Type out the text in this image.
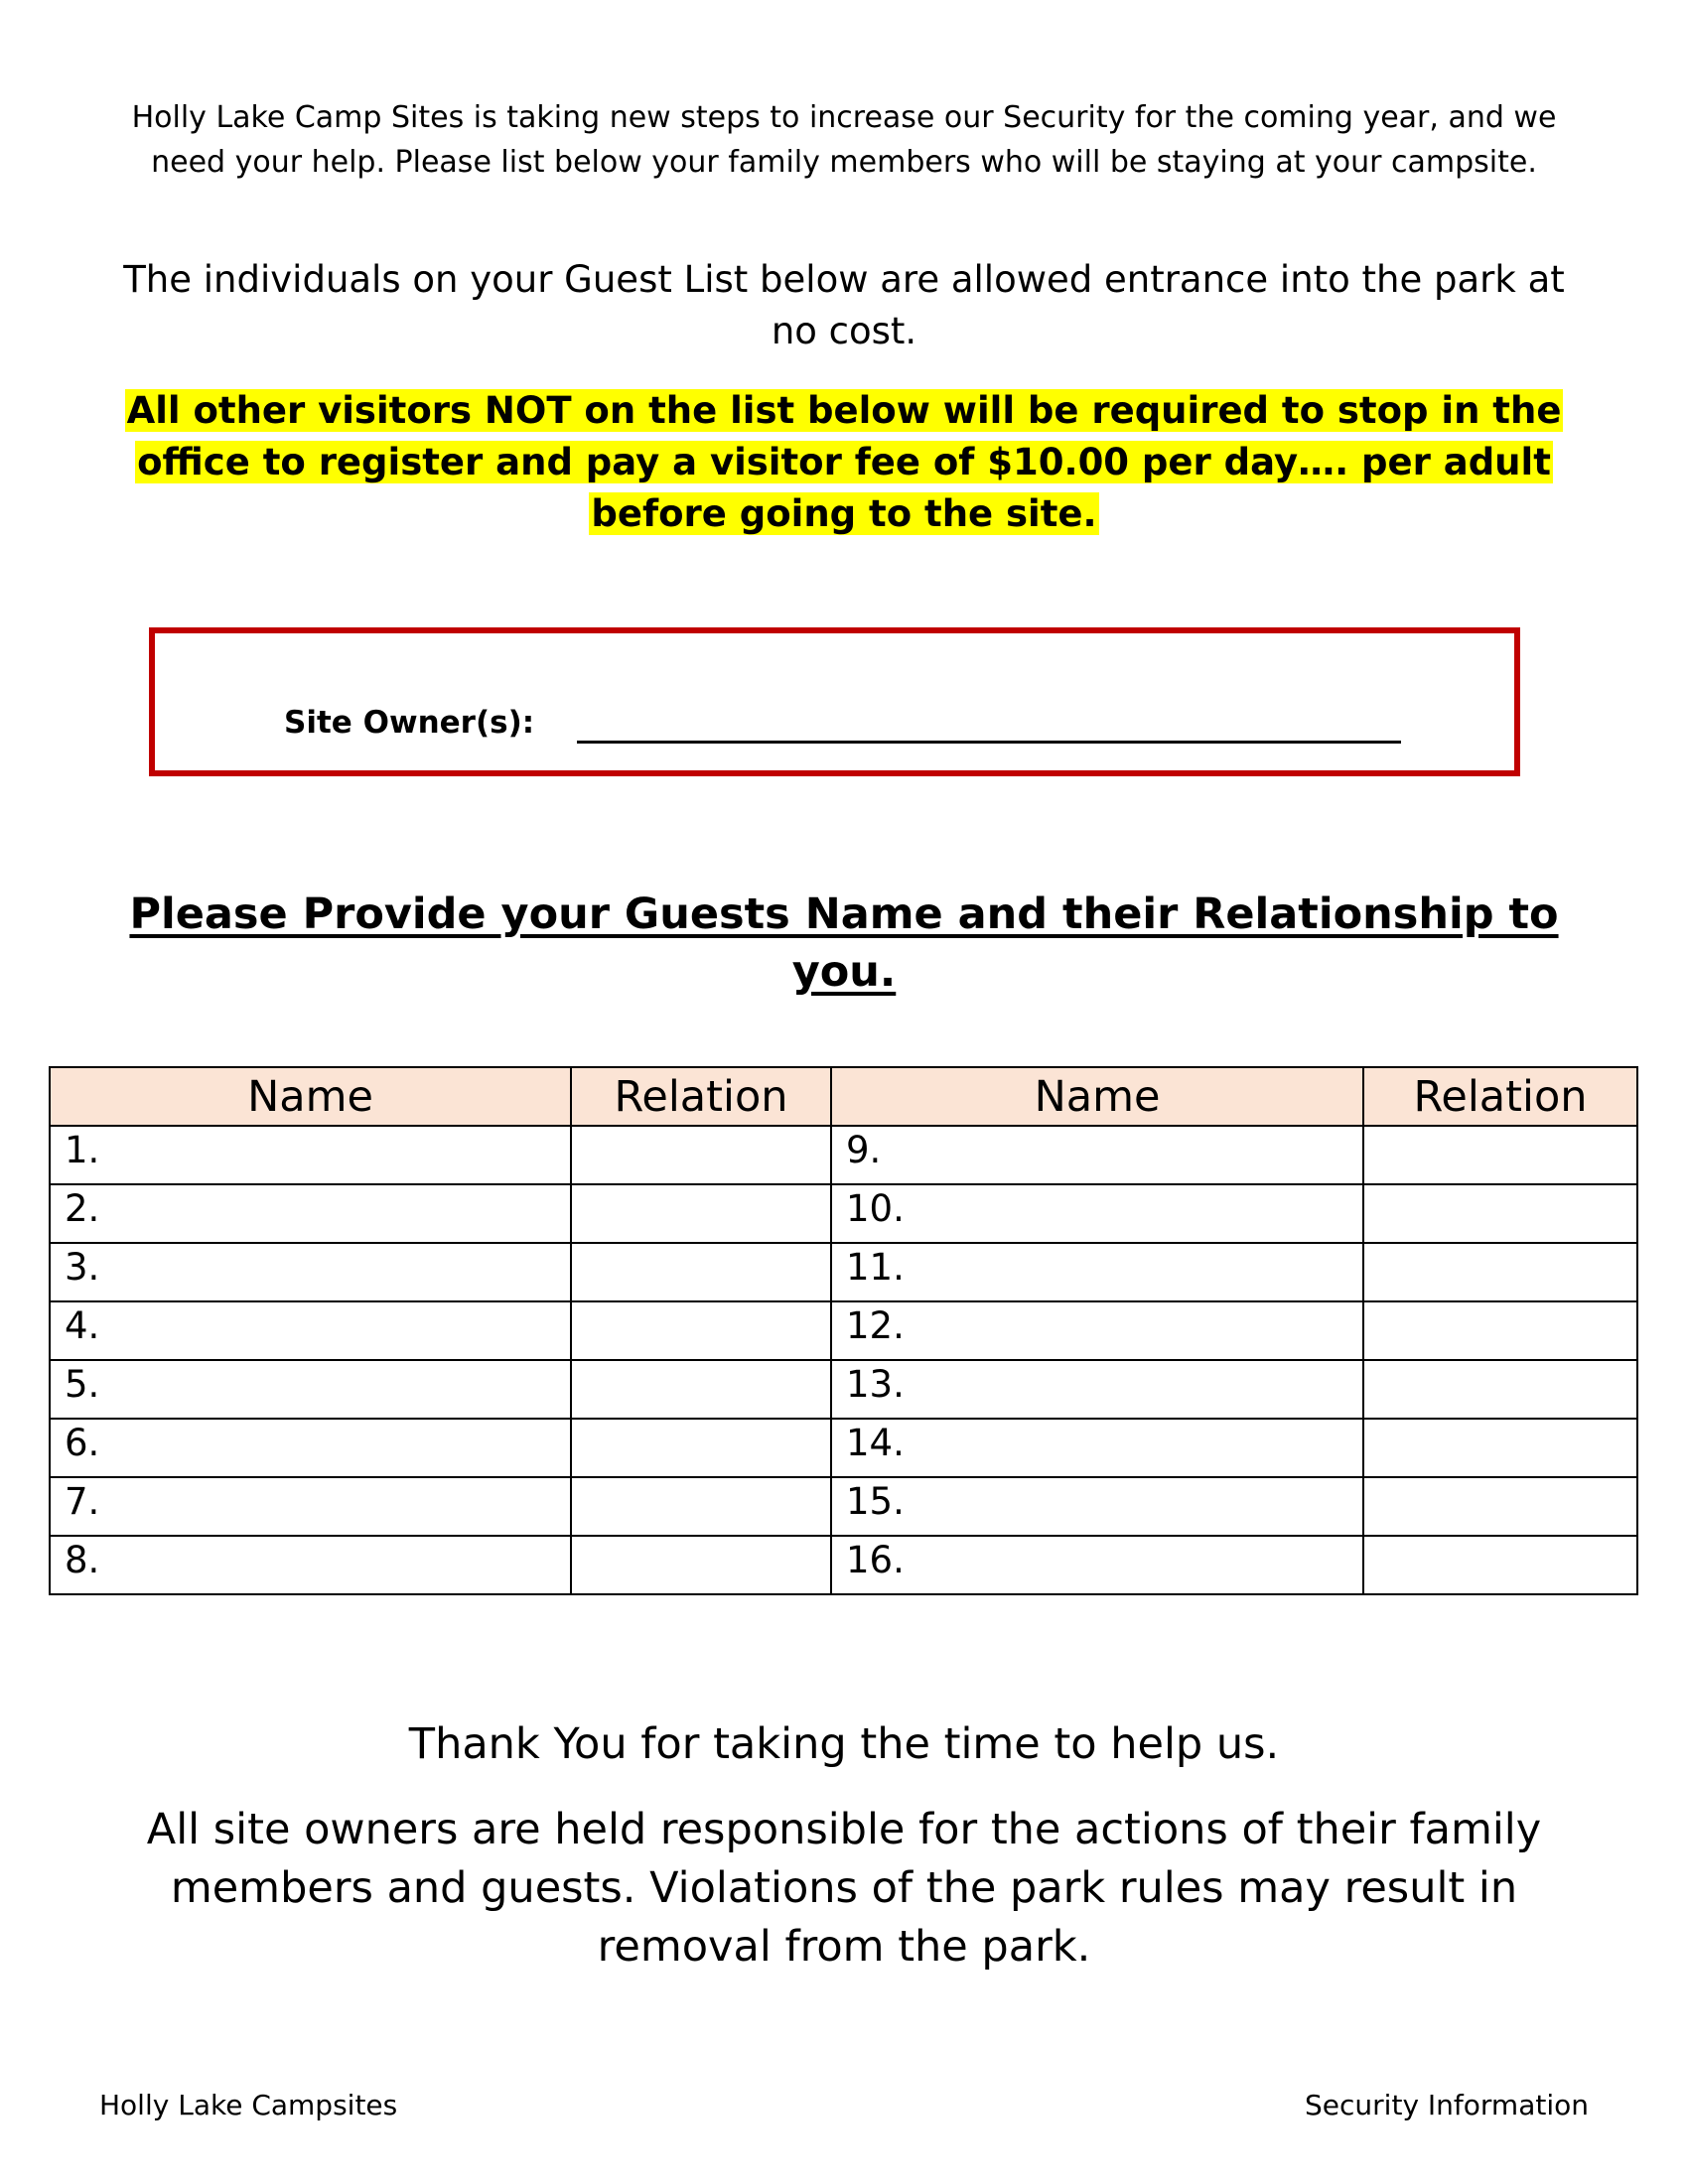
Holly Lake Camp Sites is taking new steps to increase our Security for the coming year, and we need your help. Please list below your family members who will be staying at your campsite.
The individuals on your Guest List below are allowed entrance into the park at no cost.
All other visitors NOT on the list below will be required to stop in the office to register and pay a visitor fee of $10.00 per day…. per adult before going to the site.
Site Owner(s):
Please Provide your Guests Name and their Relationship to you.
Name	Relation	Name	Relation
1.		9.	
2.		10.	
3.		11.	
4.		12.	
5.		13.	
6.		14.	
7.		15.	
8.		16.	
Thank You for taking the time to help us.
All site owners are held responsible for the actions of their family members and guests. Violations of the park rules may result in removal from the park.
Holly Lake Campsites	Security Information
